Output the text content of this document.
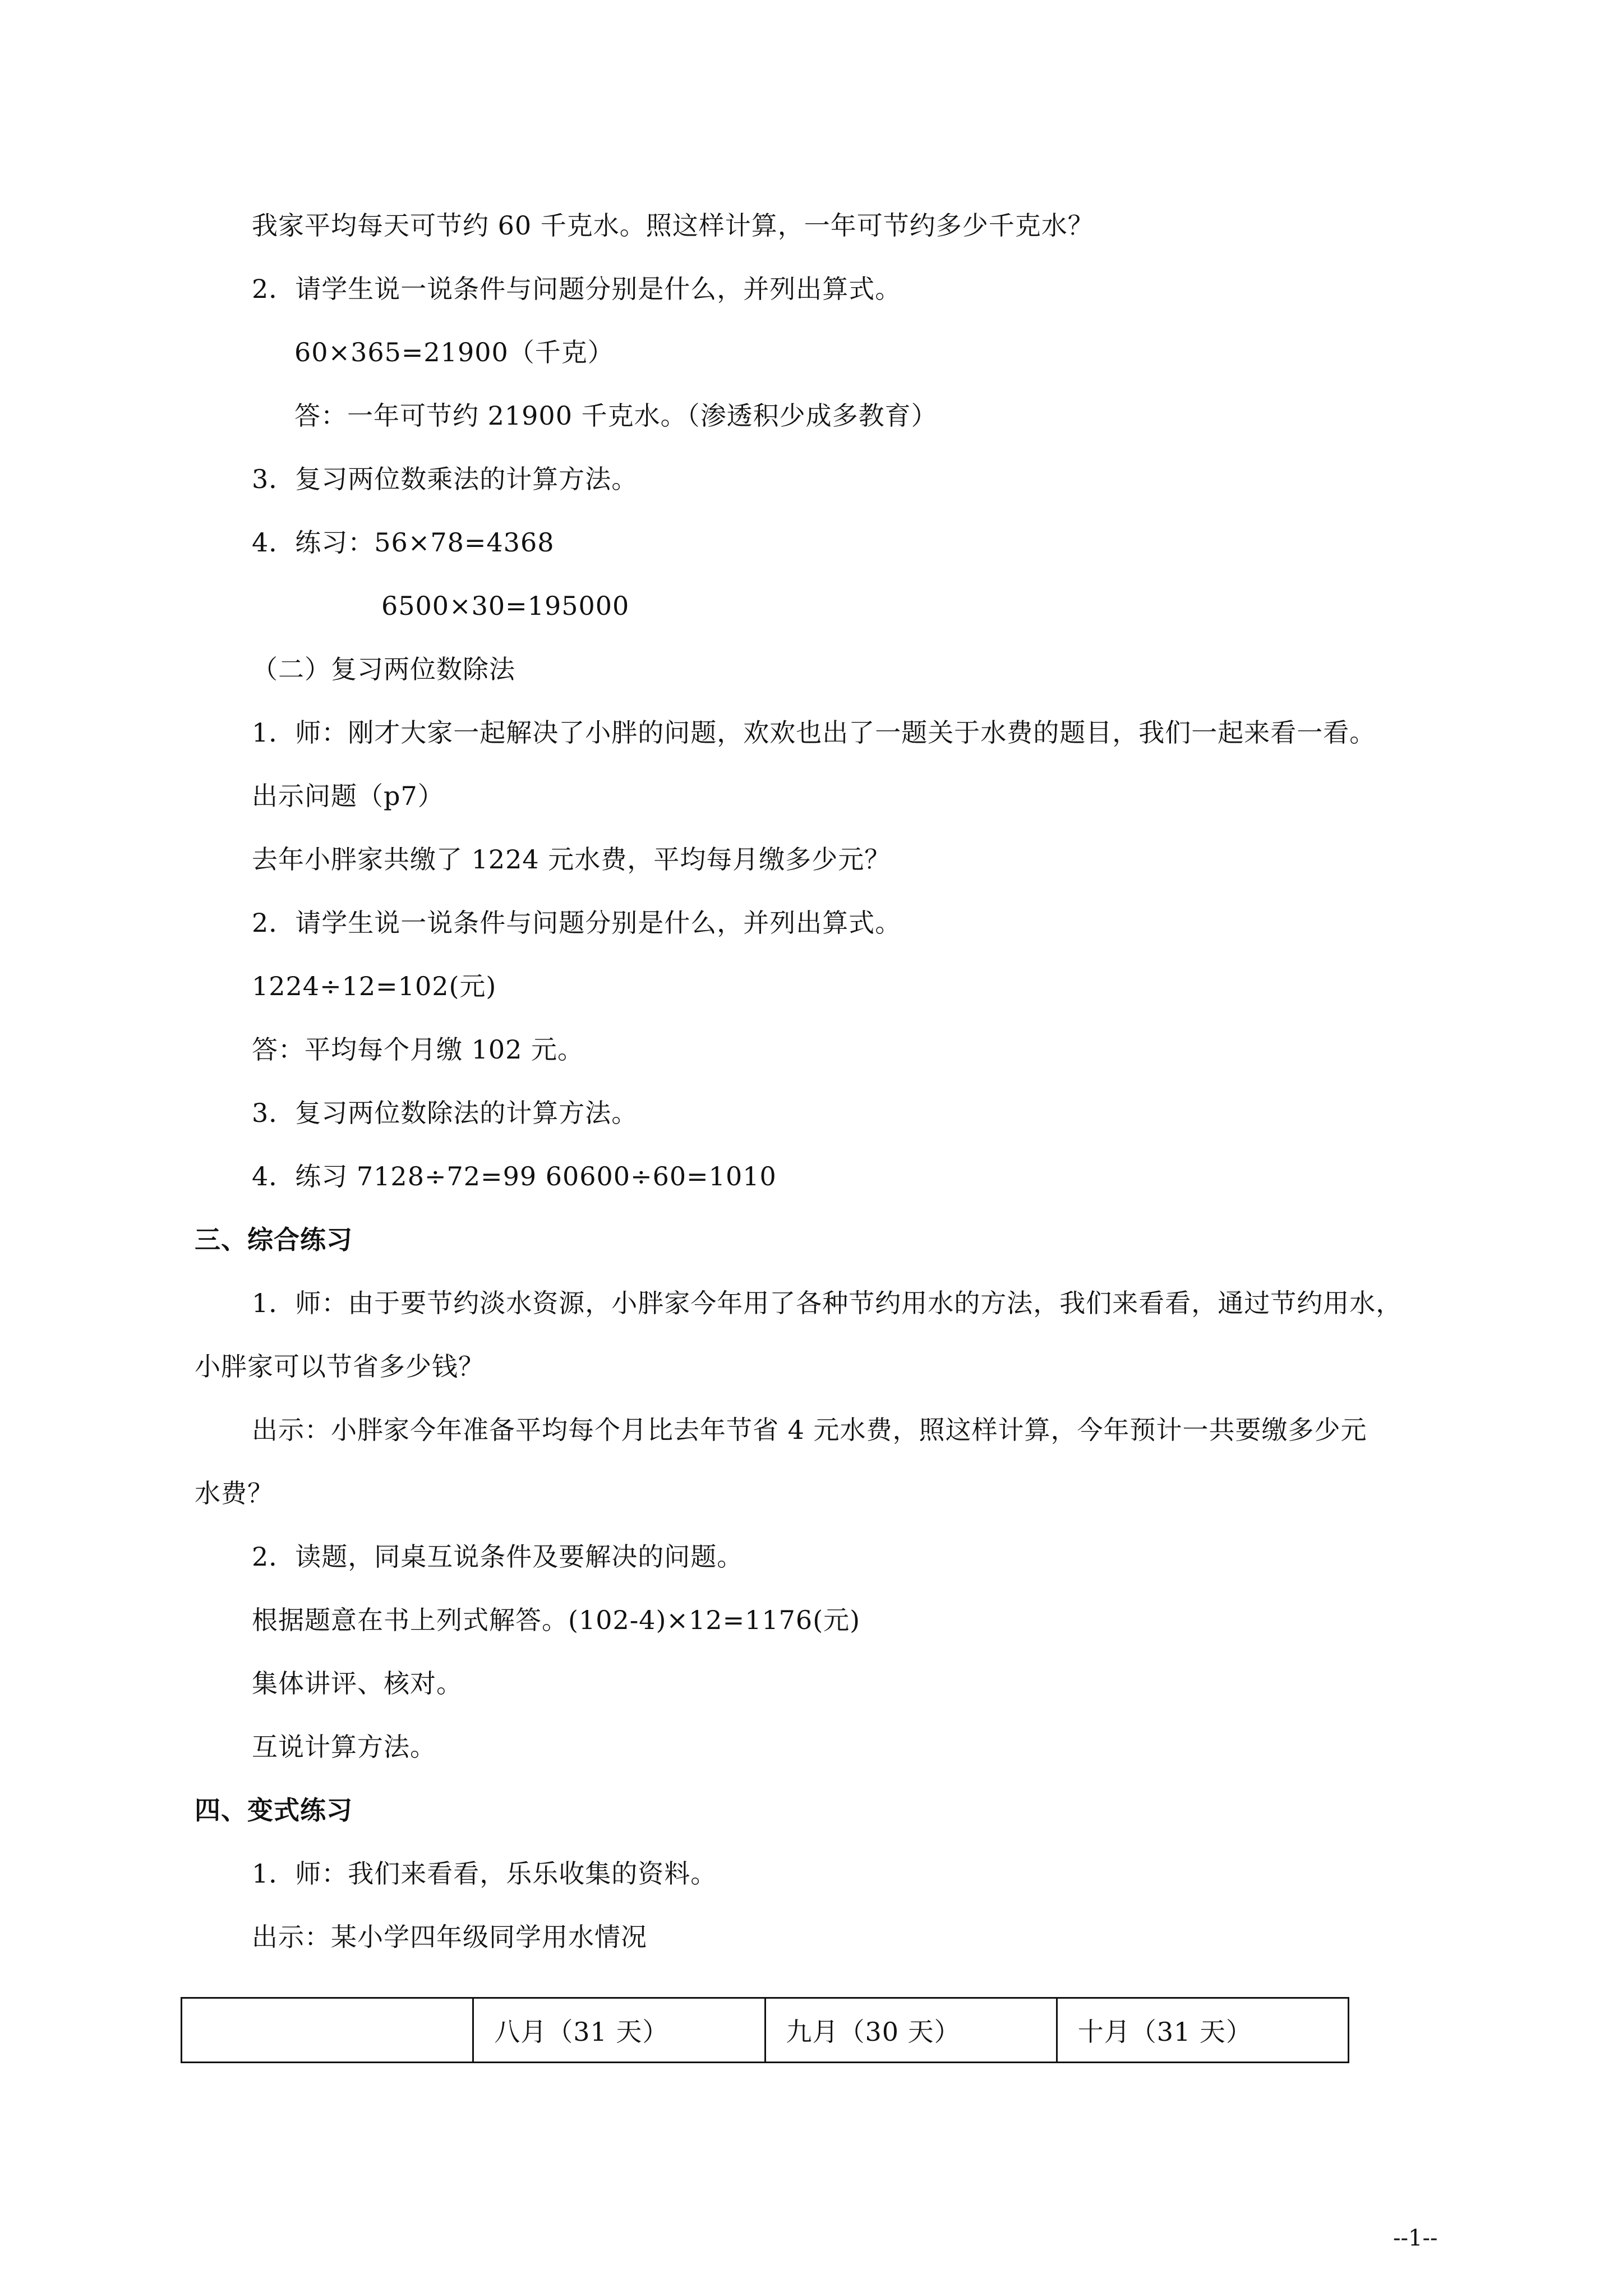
我家平均每天可节约 60 千克水。照这样计算，一年可节约多少千克水？
2．请学生说一说条件与问题分别是什么，并列出算式。
60×365=21900（千克）
答：一年可节约 21900 千克水。（渗透积少成多教育）
3．复习两位数乘法的计算方法。
4．练习：56×78=4368
6500×30=195000
（二）复习两位数除法
1．师：刚才大家一起解决了小胖的问题，欢欢也出了一题关于水费的题目，我们一起来看一看。
出示问题（p7）
去年小胖家共缴了 1224 元水费，平均每月缴多少元？
2．请学生说一说条件与问题分别是什么，并列出算式。
1224÷12=102(元)
答：平均每个月缴 102 元。
3．复习两位数除法的计算方法。
4．练习 7128÷72=99 60600÷60=1010
三、综合练习
1．师：由于要节约淡水资源，小胖家今年用了各种节约用水的方法，我们来看看，通过节约用水，
小胖家可以节省多少钱？
出示：小胖家今年准备平均每个月比去年节省 4 元水费，照这样计算，今年预计一共要缴多少元
水费？
2．读题，同桌互说条件及要解决的问题。
根据题意在书上列式解答。(102-4)×12=1176(元)
集体讲评、核对。
互说计算方法。
四、变式练习
1．师：我们来看看，乐乐收集的资料。
出示：某小学四年级同学用水情况
	八月（31 天）	九月（30 天）	十月（31 天）
--1--
